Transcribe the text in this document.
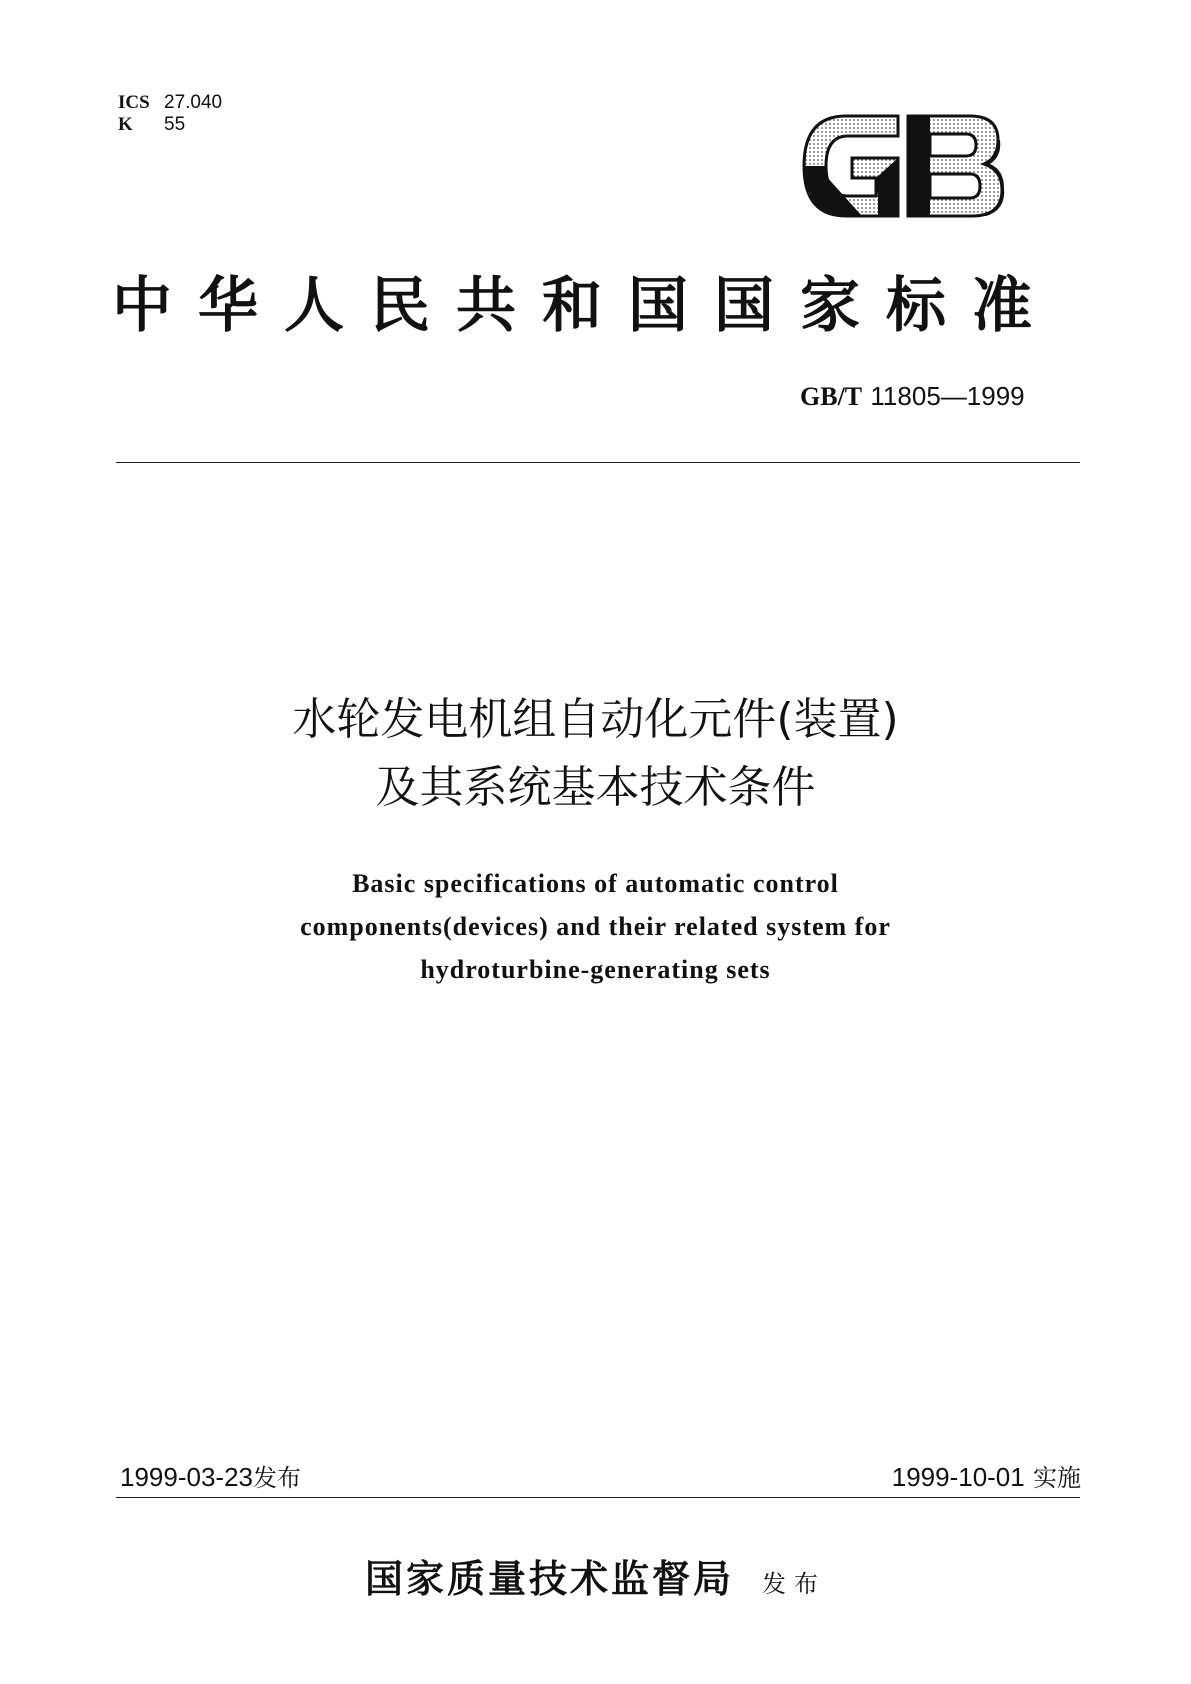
ICS 27.040
K	55
中华人民共和国国家标准
GB/T 11805—1999
水轮发电机组自动化元件(装置)
及其系统基本技术条件
Basic specifications of automatic control
components(devices) and their related system for
hydroturbine-generating sets
1999-03-23发布	1999-10-01 实施
国家质量技术监督局 发布
